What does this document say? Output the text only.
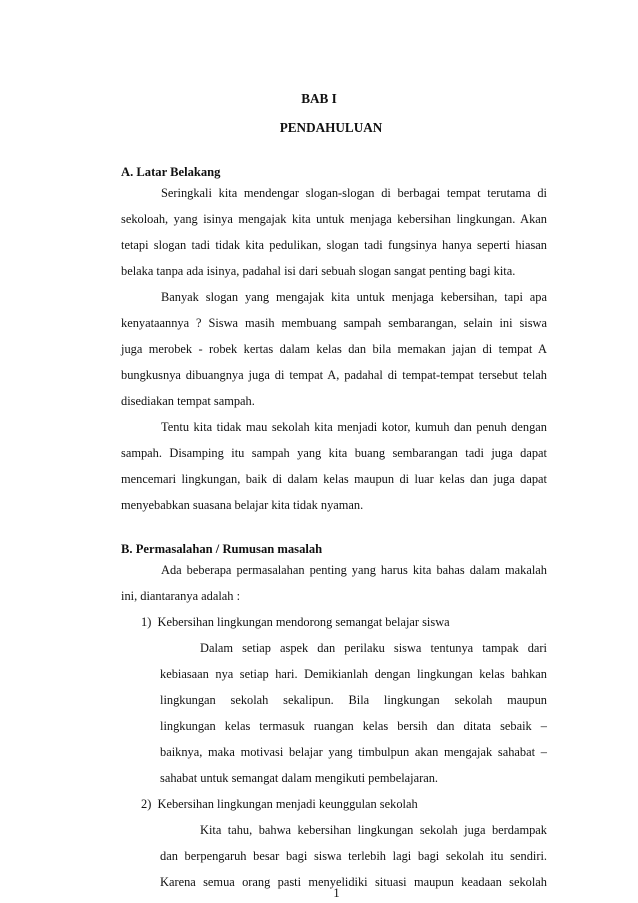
BAB I
PENDAHULUAN
A. Latar Belakang
Seringkali kita mendengar slogan-slogan di berbagai tempat terutama di
sekoloah, yang isinya mengajak kita untuk menjaga kebersihan lingkungan. Akan
tetapi slogan tadi tidak kita pedulikan, slogan tadi fungsinya hanya seperti hiasan
belaka tanpa ada isinya, padahal isi dari sebuah slogan sangat penting bagi kita.
Banyak slogan yang mengajak kita untuk menjaga kebersihan, tapi apa
kenyataannya ? Siswa masih membuang sampah sembarangan, selain ini siswa
juga merobek - robek kertas dalam kelas dan bila memakan jajan di tempat A
bungkusnya dibuangnya juga di tempat A, padahal di tempat-tempat tersebut telah
disediakan tempat sampah.
Tentu kita tidak mau sekolah kita menjadi kotor, kumuh dan penuh dengan
sampah. Disamping itu sampah yang kita buang sembarangan tadi juga dapat
mencemari lingkungan, baik di dalam kelas maupun di luar kelas dan juga dapat
menyebabkan suasana belajar kita tidak nyaman.
B. Permasalahan / Rumusan masalah
Ada beberapa permasalahan penting yang harus kita bahas dalam makalah
ini, diantaranya adalah :
1)  Kebersihan lingkungan mendorong semangat belajar siswa
Dalam setiap aspek dan perilaku siswa tentunya tampak dari
kebiasaan nya setiap hari. Demikianlah dengan lingkungan kelas bahkan
lingkungan sekolah sekalipun. Bila lingkungan sekolah maupun
lingkungan kelas termasuk ruangan kelas bersih dan ditata sebaik –
baiknya, maka motivasi belajar yang timbulpun akan mengajak sahabat –
sahabat untuk semangat dalam mengikuti pembelajaran.
2)  Kebersihan lingkungan menjadi keunggulan sekolah
Kita tahu, bahwa kebersihan lingkungan sekolah juga berdampak
dan berpengaruh besar bagi siswa terlebih lagi bagi sekolah itu sendiri.
Karena semua orang pasti menyelidiki situasi maupun keadaan sekolah
1
